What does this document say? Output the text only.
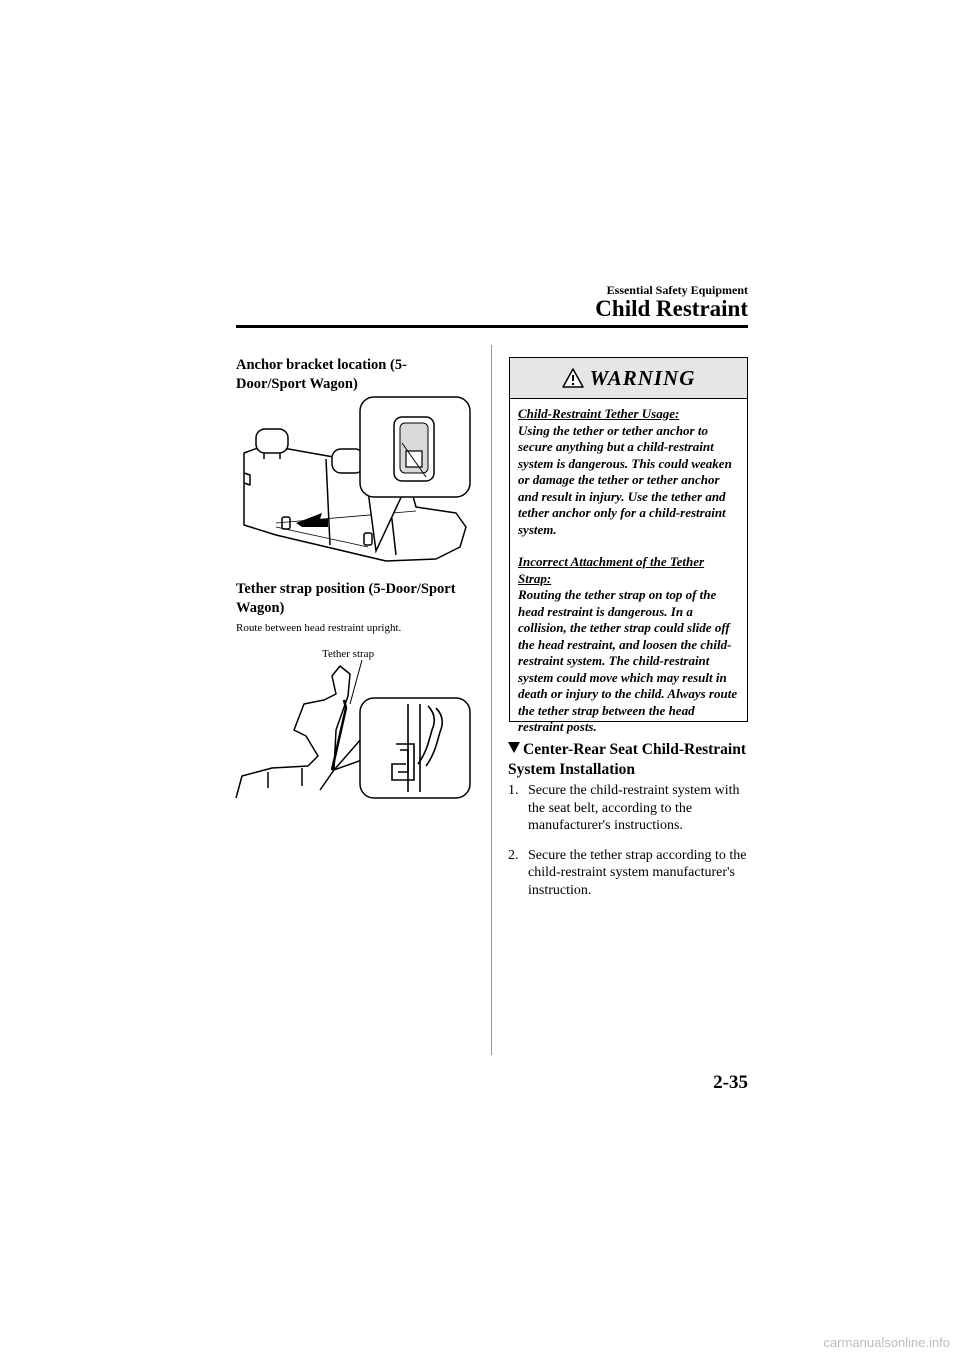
Essential Safety Equipment
Child Restraint
Anchor bracket location (5-Door/Sport Wagon)
Tether strap position (5-Door/Sport Wagon)
Route between head restraint upright.
Tether strap
WARNING

Child-Restraint Tether Usage:
Using the tether or tether anchor to secure anything but a child-restraint system is dangerous. This could weaken or damage the tether or tether anchor and result in injury. Use the tether and tether anchor only for a child-restraint system.

Incorrect Attachment of the Tether Strap:
Routing the tether strap on top of the head restraint is dangerous. In a collision, the tether strap could slide off the head restraint, and loosen the child-restraint system. The child-restraint system could move which may result in death or injury to the child. Always route the tether strap between the head restraint posts.

Center-Rear Seat Child-Restraint System Installation
1. Secure the child-restraint system with the seat belt, according to the manufacturer's instructions.
2. Secure the tether strap according to the child-restraint system manufacturer's instruction.
2-35
carmanualsonline.info
